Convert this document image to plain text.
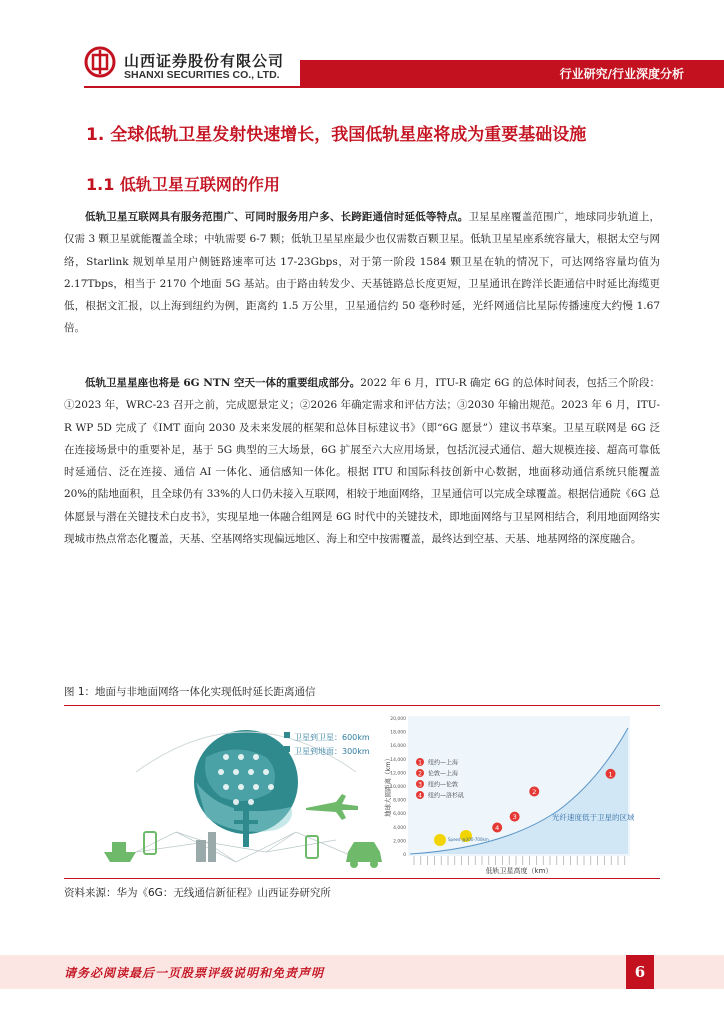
山西证券股份有限公司
SHANXI SECURITIES CO., LTD.	行业研究/行业深度分析
1. 全球低轨卫星发射快速增长，我国低轨星座将成为重要基础设施
1.1 低轨卫星互联网的作用

低轨卫星互联网具有服务范围广、可同时服务用户多、长跨距通信时延低等特点。卫星星座覆盖范围广，地球同步轨道上，仅需 3 颗卫星就能覆盖全球；中轨需要 6-7 颗；低轨卫星星座最少也仅需数百颗卫星。低轨卫星星座系统容量大，根据太空与网络，Starlink 规划单星用户侧链路速率可达 17-23Gbps，对于第一阶段 1584 颗卫星在轨的情况下，可达网络容量均值为 2.17Tbps，相当于 2170 个地面 5G 基站。由于路由转发少、天基链路总长度更短，卫星通讯在跨洋长距通信中时延比海缆更低，根据文汇报，以上海到纽约为例，距离约 1.5 万公里，卫星通信约 50 毫秒时延，光纤网通信比星际传播速度大约慢 1.67 倍。

低轨卫星星座也将是 6G NTN 空天一体的重要组成部分。2022 年 6 月，ITU-R 确定 6G 的总体时间表，包括三个阶段：①2023 年，WRC-23 召开之前，完成愿景定义；②2026 年确定需求和评估方法；③2030 年输出规范。2023 年 6 月，ITU-R WP 5D 完成了《IMT 面向 2030 及未来发展的框架和总体目标建议书》（即“6G 愿景”）建议书草案。卫星互联网是 6G 泛在连接场景中的重要补足，基于 5G 典型的三大场景，6G 扩展至六大应用场景，包括沉浸式通信、超大规模连接、超高可靠低时延通信、泛在连接、通信 AI 一体化、通信感知一体化。根据 ITU 和国际科技创新中心数据，地面移动通信系统只能覆盖 20%的陆地面积，且全球仍有 33%的人口仍未接入互联网，相较于地面网络，卫星通信可以完成全球覆盖。根据信通院《6G 总体愿景与潜在关键技术白皮书》，实现星地一体融合组网是 6G 时代中的关键技术，即地面网络与卫星网相结合，利用地面网络实现城市热点常态化覆盖，天基、空基网络实现偏远地区、海上和空中按需覆盖，最终达到空基、天基、地基网络的深度融合。

图 1：地面与非地面网络一体化实现低时延长距离通信
卫星到卫星：600km
卫星到地面：300km
0
2,000
4,000
6,000
8,000
10,000
12,000
14,000
16,000
18,000
20,000
地球大圆距离（km）
低轨卫星高度（km）
1 纽约—上海
2 伦敦—上海
3 纽约—伦敦
4 纽约—洛杉矶
1
2
3
4
光纤速度低于卫星的区域
Speed @300-700km
资料来源：华为《6G：无线通信新征程》山西证券研究所
请务必阅读最后一页股票评级说明和免责声明	6
